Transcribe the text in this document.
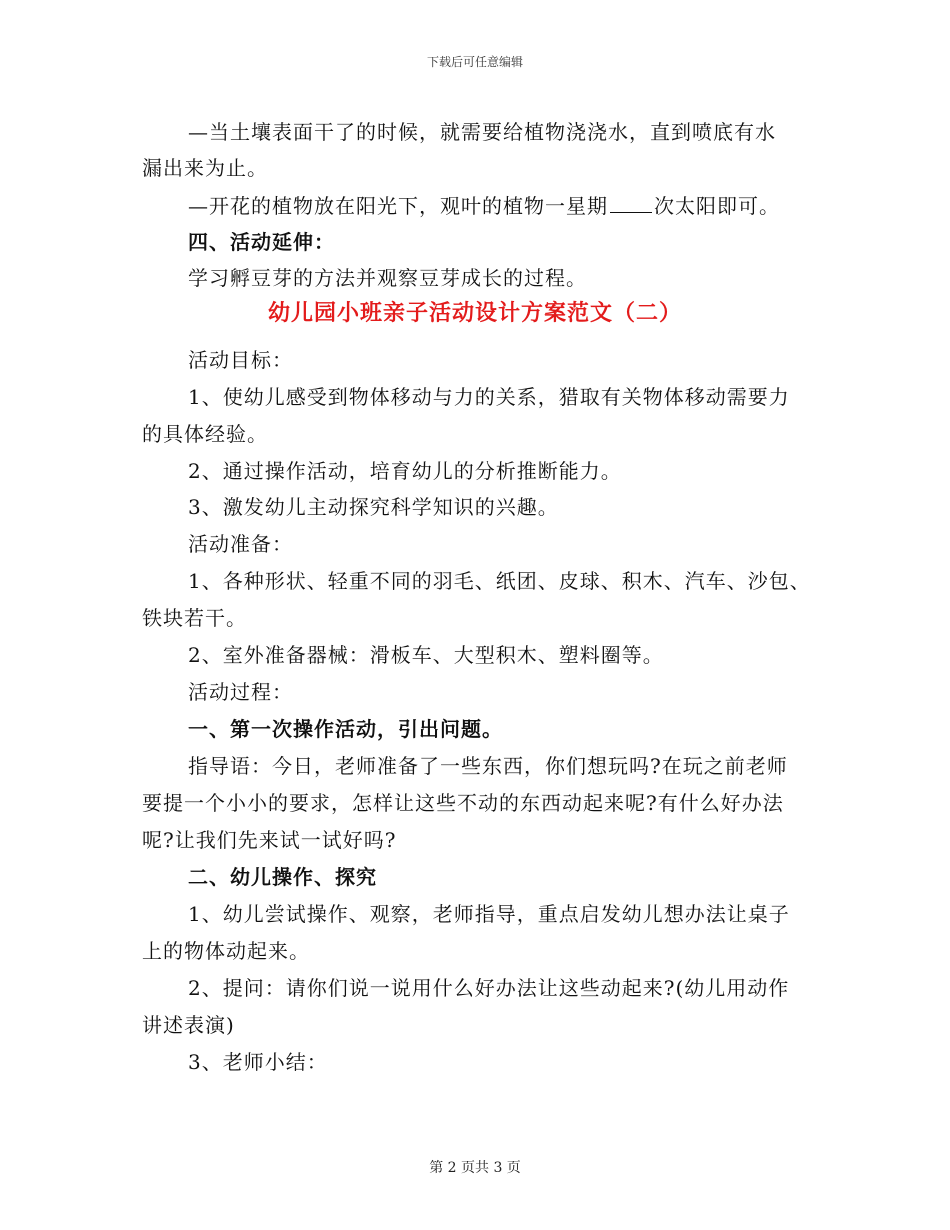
下载后可任意编辑
—当土壤表面干了的时候，就需要给植物浇浇水，直到喷底有水
漏出来为止。
—开花的植物放在阳光下，观叶的植物一星期 次太阳即可。
四、活动延伸：
学习孵豆芽的方法并观察豆芽成长的过程。
幼儿园小班亲子活动设计方案范文（二）
活动目标：
1、使幼儿感受到物体移动与力的关系，猎取有关物体移动需要力
的具体经验。
2、通过操作活动，培育幼儿的分析推断能力。
3、激发幼儿主动探究科学知识的兴趣。
活动准备：
1、各种形状、轻重不同的羽毛、纸团、皮球、积木、汽车、沙包、
铁块若干。
2、室外准备器械：滑板车、大型积木、塑料圈等。
活动过程：
一、第一次操作活动，引出问题。
指导语：今日，老师准备了一些东西，你们想玩吗?在玩之前老师
要提一个小小的要求，怎样让这些不动的东西动起来呢?有什么好办法
呢?让我们先来试一试好吗?
二、幼儿操作、探究
1、幼儿尝试操作、观察，老师指导，重点启发幼儿想办法让桌子
上的物体动起来。
2、提问：请你们说一说用什么好办法让这些动起来?(幼儿用动作
讲述表演)
3、老师小结：
第 2 页共 3 页
